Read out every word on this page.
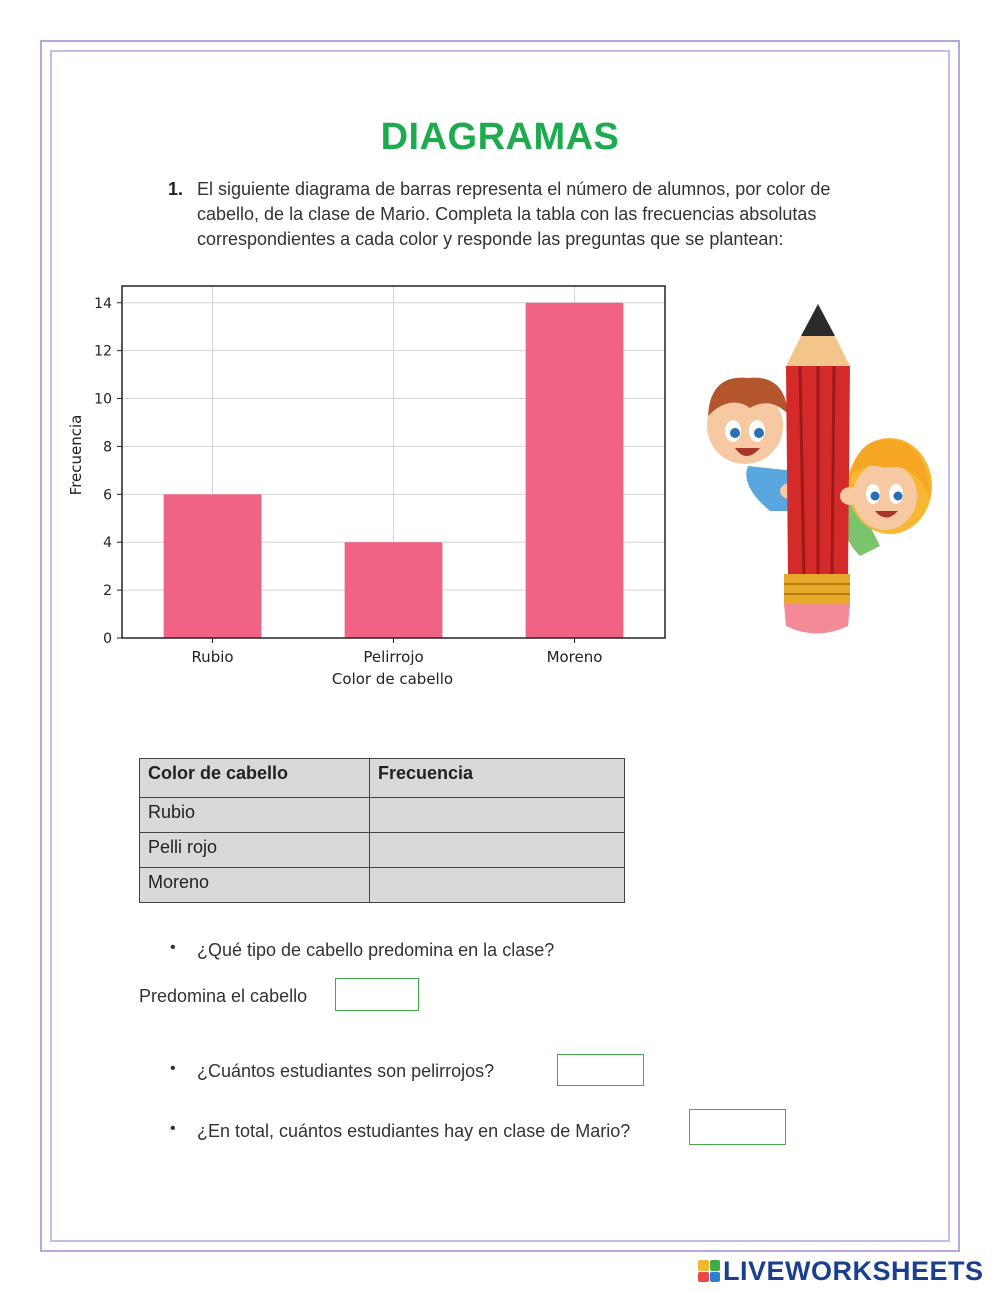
DIAGRAMAS
1. El siguiente diagrama de barras representa el número de alumnos, por color de cabello, de la clase de Mario. Completa la tabla con las frecuencias absolutas correspondientes a cada color y responde las preguntas que se plantean:

0
2
4
6
8
10
12
14
Rubio	Pelirrojo	Moreno
Color de cabello
Frecuencia
Color de cabello	Frecuencia
Rubio	
Pelli rojo	
Moreno	
¿Qué tipo de cabello predomina en la clase?
Predomina el cabello
¿Cuántos estudiantes son pelirrojos?
¿En total, cuántos estudiantes hay en clase de Mario?
LIVEWORKSHEETS
